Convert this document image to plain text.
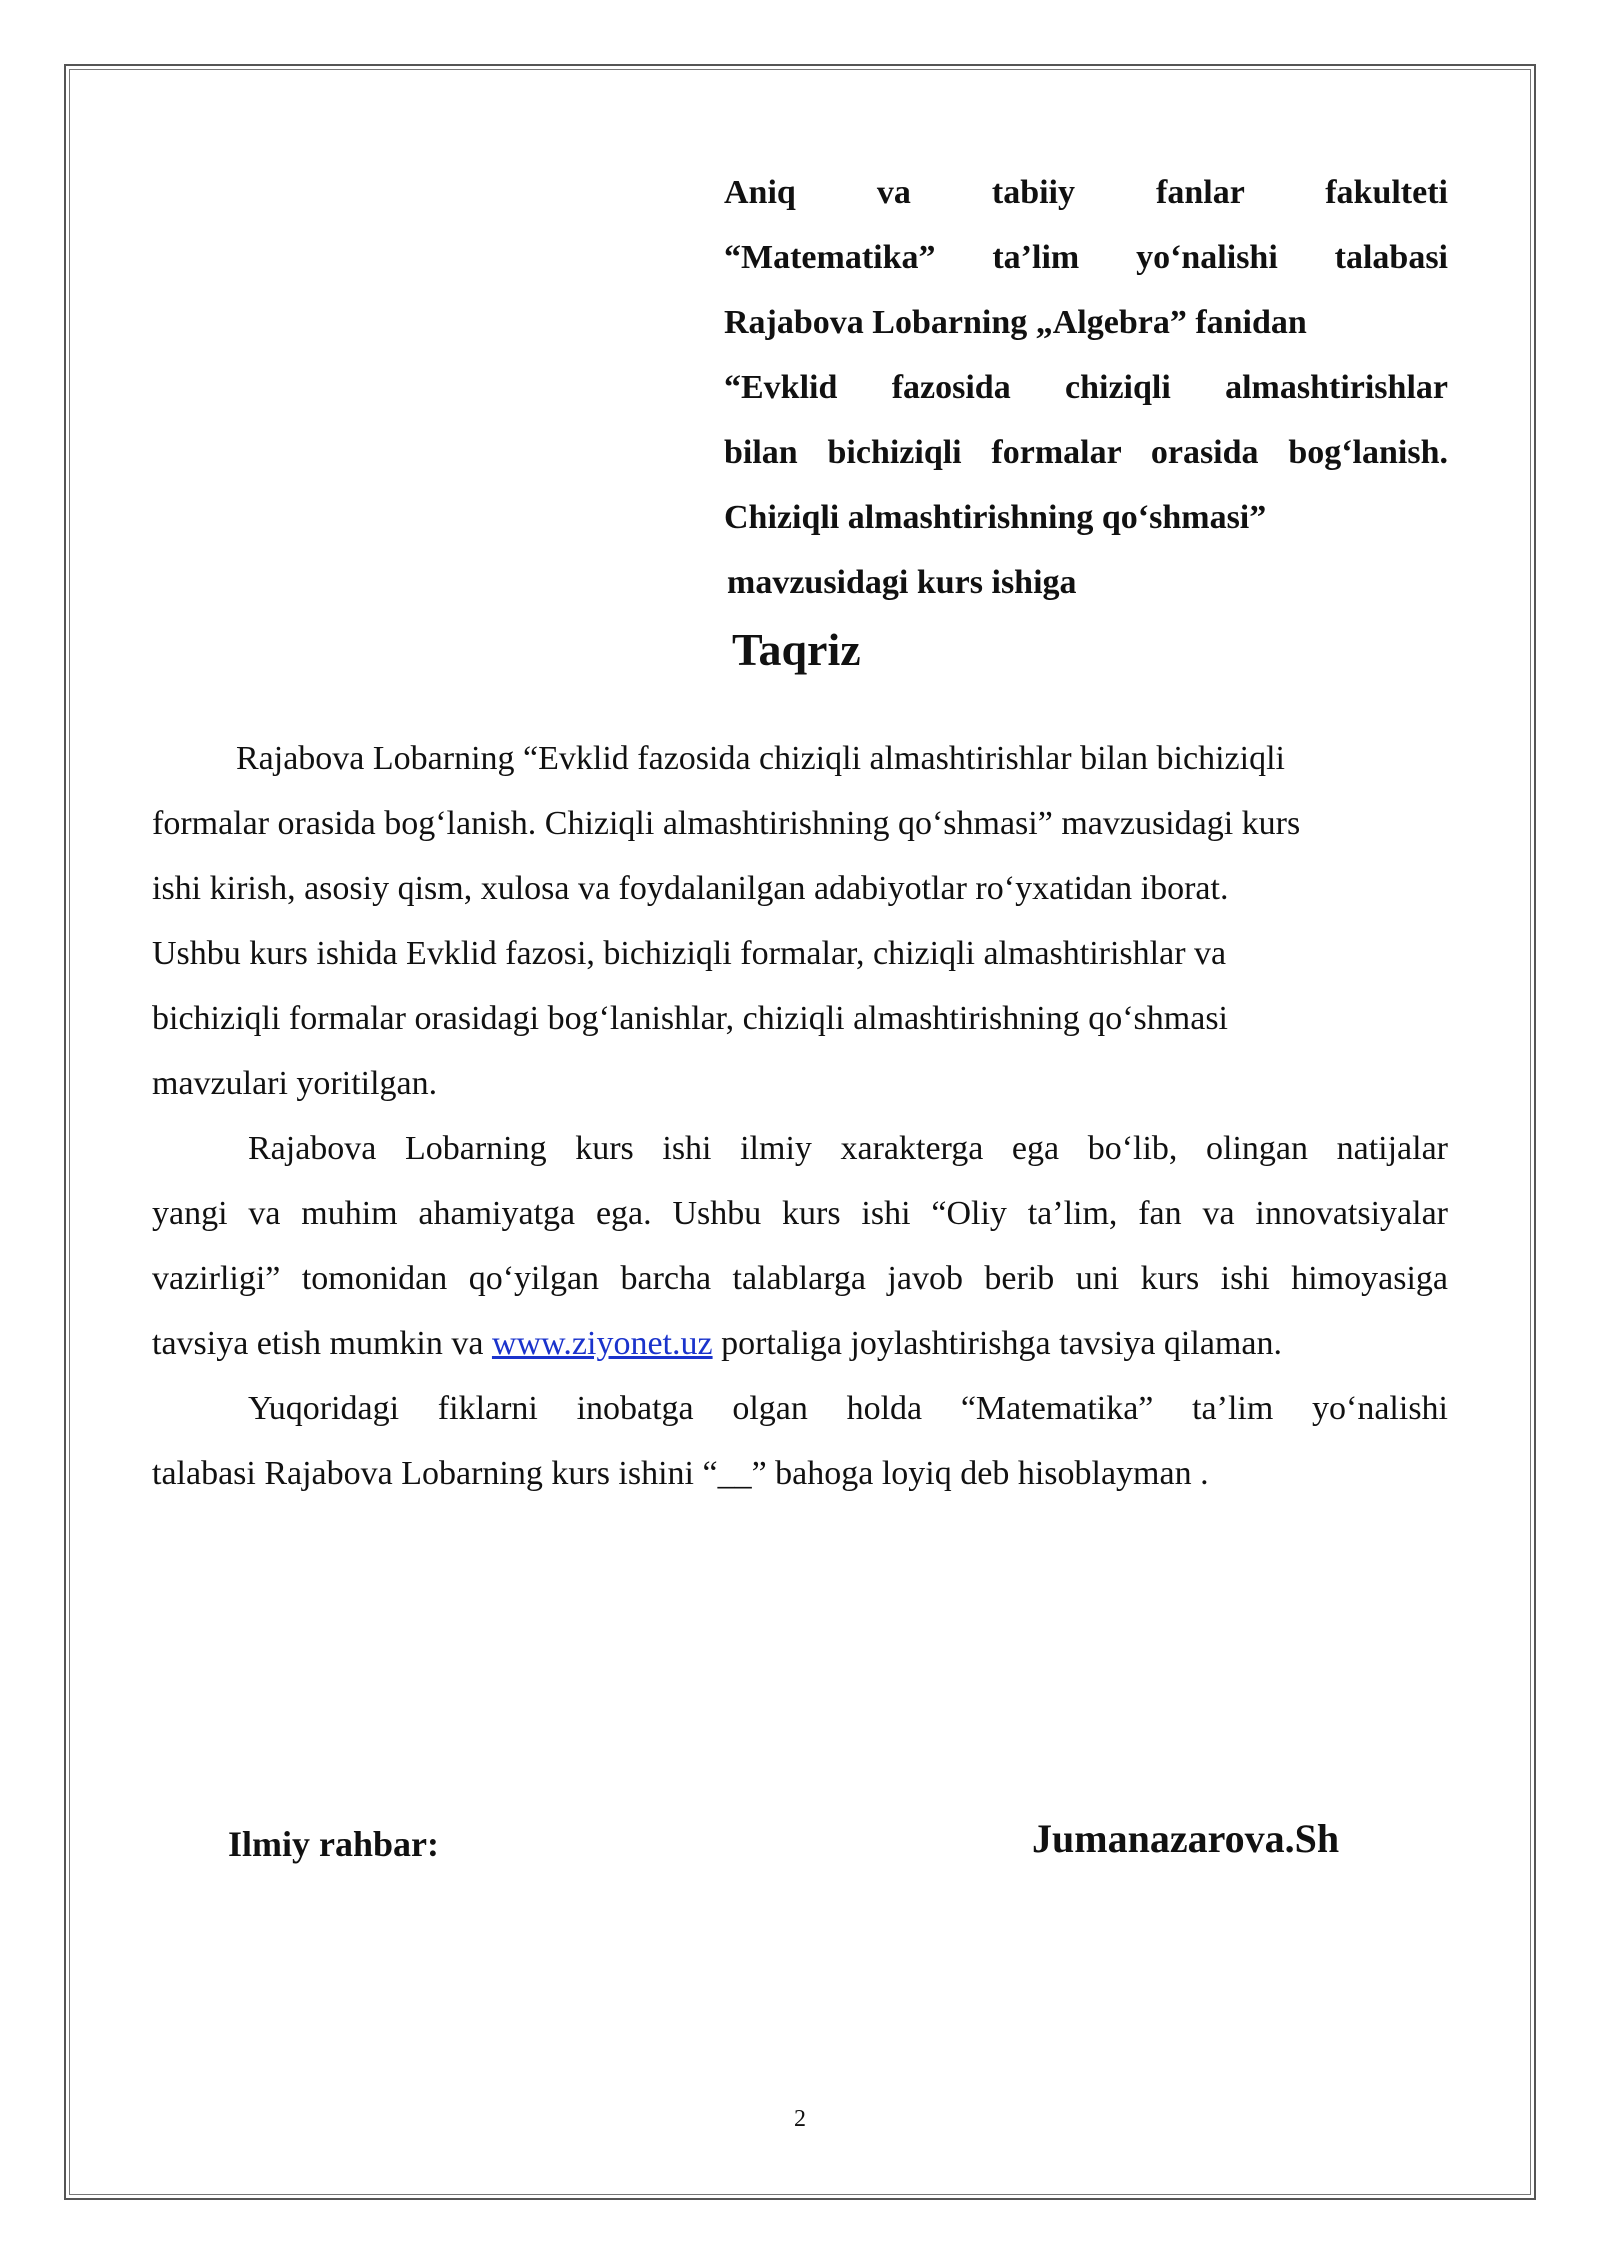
Aniq va tabiiy fanlar fakulteti
“Matematika” ta’lim yo‘nalishi talabasi
Rajabova Lobarning „Algebra” fanidan
“Evklid fazosida chiziqli almashtirishlar
bilan bichiziqli formalar orasida bog‘lanish.
Chiziqli almashtirishning qo‘shmasi”
mavzusidagi kurs ishiga
Taqriz

Rajabova Lobarning “Evklid fazosida chiziqli almashtirishlar bilan bichiziqli
formalar orasida bog‘lanish. Chiziqli almashtirishning qo‘shmasi” mavzusidagi kurs
ishi kirish, asosiy qism, xulosa va foydalanilgan adabiyotlar ro‘yxatidan iborat.
Ushbu kurs ishida Evklid fazosi, bichiziqli formalar, chiziqli almashtirishlar va
bichiziqli formalar orasidagi bog‘lanishlar, chiziqli almashtirishning qo‘shmasi
mavzulari yoritilgan.

Rajabova Lobarning kurs ishi ilmiy xarakterga ega bo‘lib, olingan natijalar
yangi va muhim ahamiyatga ega. Ushbu kurs ishi “Oliy ta’lim, fan va innovatsiyalar
vazirligi” tomonidan qo‘yilgan barcha talablarga javob berib uni kurs ishi himoyasiga
tavsiya etish mumkin va www.ziyonet.uz portaliga joylashtirishga tavsiya qilaman.

Yuqoridagi fiklarni inobatga olgan holda “Matematika” ta’lim yo‘nalishi
talabasi Rajabova Lobarning kurs ishini “__” bahoga loyiq deb hisoblayman .

Ilmiy rahbar:	Jumanazarova.Sh
2
